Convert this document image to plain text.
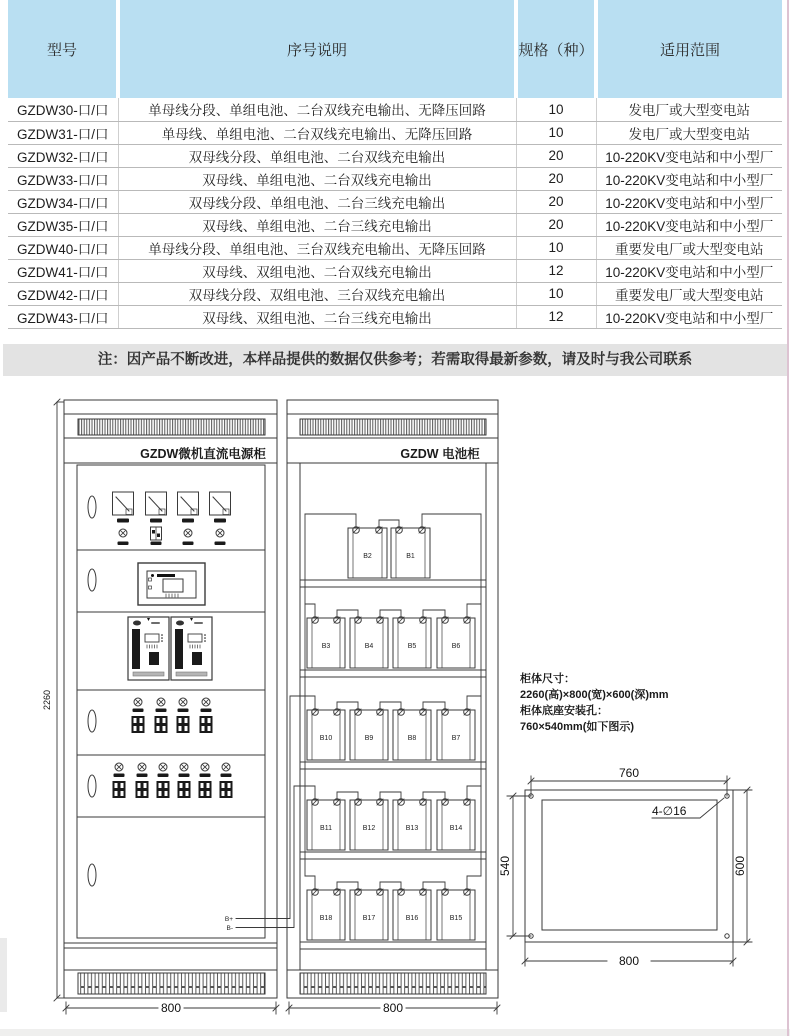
型号	序号说明	规格（种）	适用范围
GZDW30-口/口	单母线分段、单组电池、二台双线充电输出、无降压回路	10	发电厂或大型变电站
GZDW31-口/口	单母线、单组电池、二台双线充电输出、无降压回路	10	发电厂或大型变电站
GZDW32-口/口	双母线分段、单组电池、二台双线充电输出	20	10-220KV变电站和中小型厂
GZDW33-口/口	双母线、单组电池、二台双线充电输出	20	10-220KV变电站和中小型厂
GZDW34-口/口	双母线分段、单组电池、二台三线充电输出	20	10-220KV变电站和中小型厂
GZDW35-口/口	双母线、单组电池、二台三线充电输出	20	10-220KV变电站和中小型厂
GZDW40-口/口	单母线分段、单组电池、三台双线充电输出、无降压回路	10	重要发电厂或大型变电站
GZDW41-口/口	双母线、双组电池、二台双线充电输出	12	10-220KV变电站和中小型厂
GZDW42-口/口	双母线分段、双组电池、三台双线充电输出	10	重要发电厂或大型变电站
GZDW43-口/口	双母线、双组电池、二台三线充电输出	12	10-220KV变电站和中小型厂
注：因产品不断改进，本样品提供的数据仅供参考；若需取得最新参数，请及时与我公司联系
GZDW微机直流电源柜
B+
B-
GZDW 电池柜
B2	B1
B3	B4	B5	B6
B10	B9	B8	B7
B11	B12	B13	B14
B18	B17	B16	B15
2260
800	800
柜体尺寸：
2260(高)×800(宽)×600(深)mm
柜体底座安装孔：
760×540mm(如下图示)
4-∅16
760
540	600
800
